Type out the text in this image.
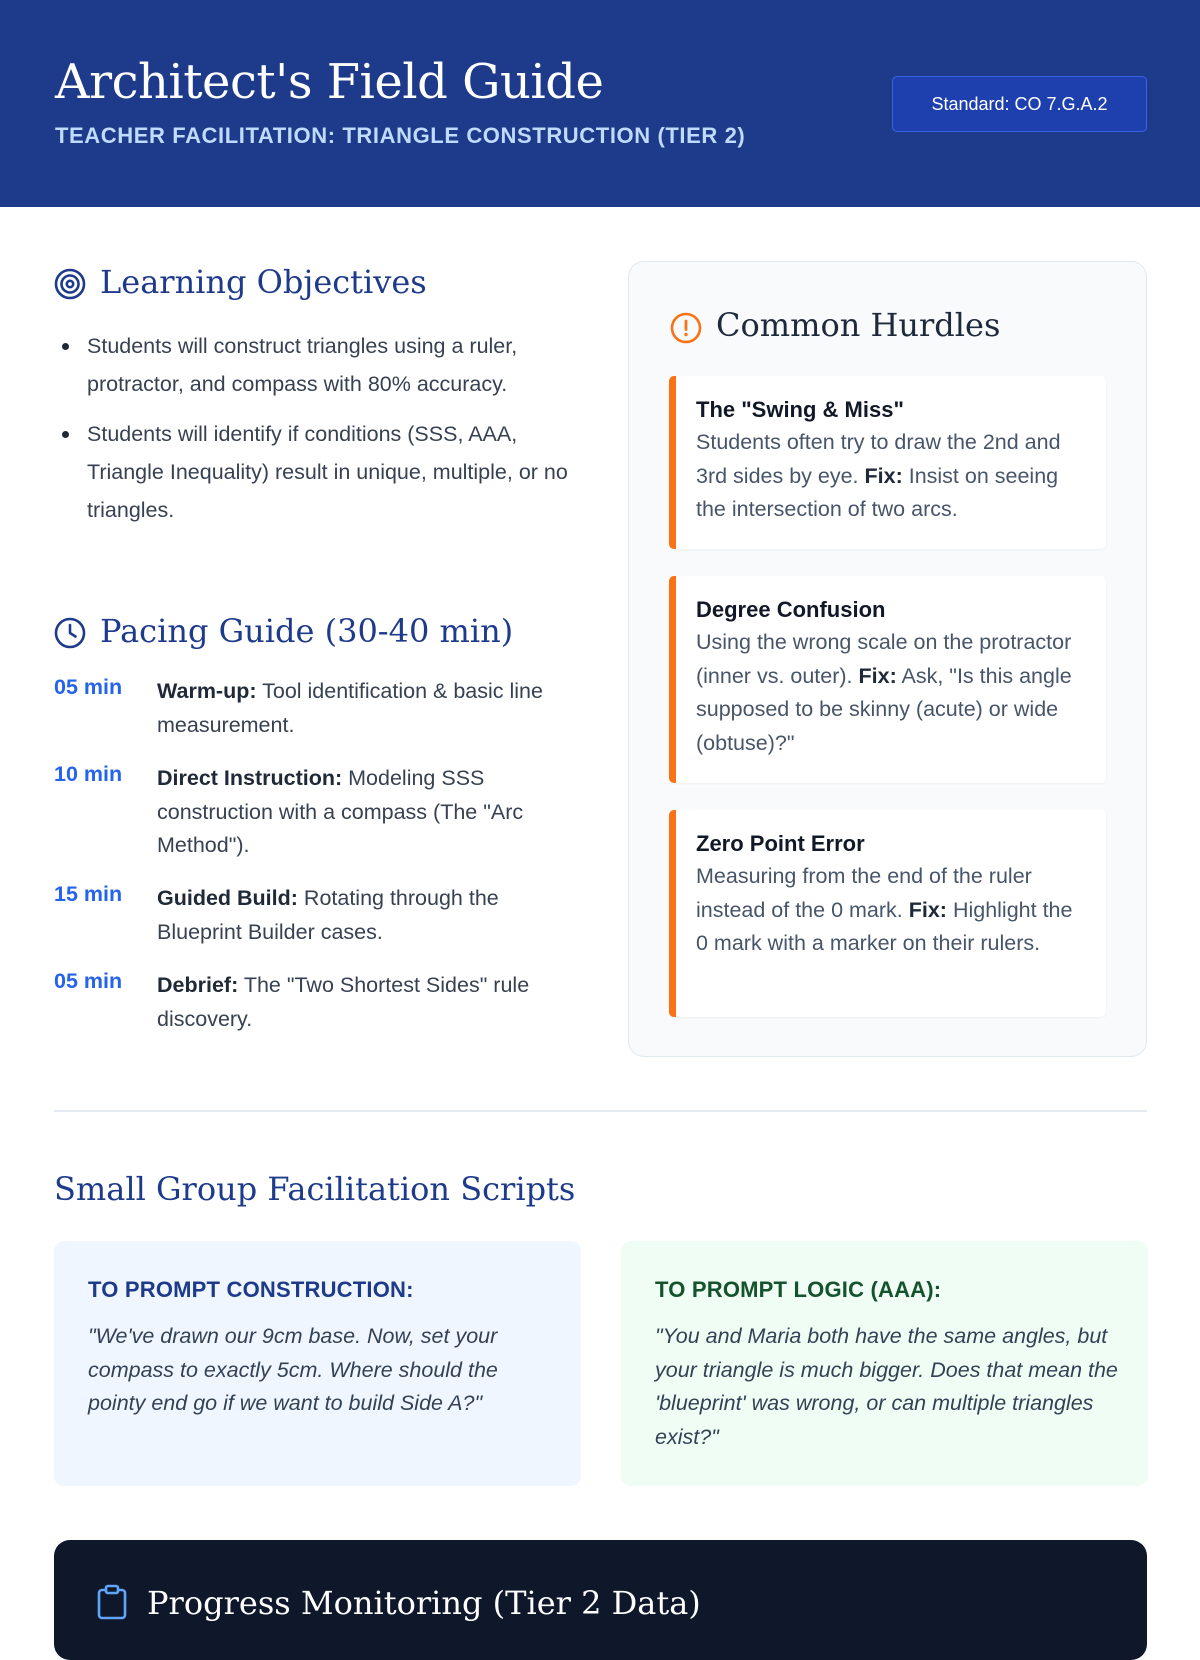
Architect's Field Guide
TEACHER FACILITATION: TRIANGLE CONSTRUCTION (TIER 2)
Standard: CO 7.G.A.2
Learning Objectives
Students will construct triangles using a ruler, protractor, and compass with 80% accuracy.
Students will identify if conditions (SSS, AAA, Triangle Inequality) result in unique, multiple, or no triangles.
Pacing Guide (30-40 min)
05 min Warm-up: Tool identification & basic line measurement.
10 min Direct Instruction: Modeling SSS construction with a compass (The "Arc Method").
15 min Guided Build: Rotating through the Blueprint Builder cases.
05 min Debrief: The "Two Shortest Sides" rule discovery.
Common Hurdles
The "Swing & Miss"
Students often try to draw the 2nd and 3rd sides by eye. Fix: Insist on seeing the intersection of two arcs.
Degree Confusion
Using the wrong scale on the protractor (inner vs. outer). Fix: Ask, "Is this angle supposed to be skinny (acute) or wide (obtuse)?"
Zero Point Error
Measuring from the end of the ruler instead of the 0 mark. Fix: Highlight the 0 mark with a marker on their rulers.
Small Group Facilitation Scripts
TO PROMPT CONSTRUCTION:
"We've drawn our 9cm base. Now, set your compass to exactly 5cm. Where should the pointy end go if we want to build Side A?"
TO PROMPT LOGIC (AAA):
"You and Maria both have the same angles, but your triangle is much bigger. Does that mean the 'blueprint' was wrong, or can multiple triangles exist?"
Progress Monitoring (Tier 2 Data)
